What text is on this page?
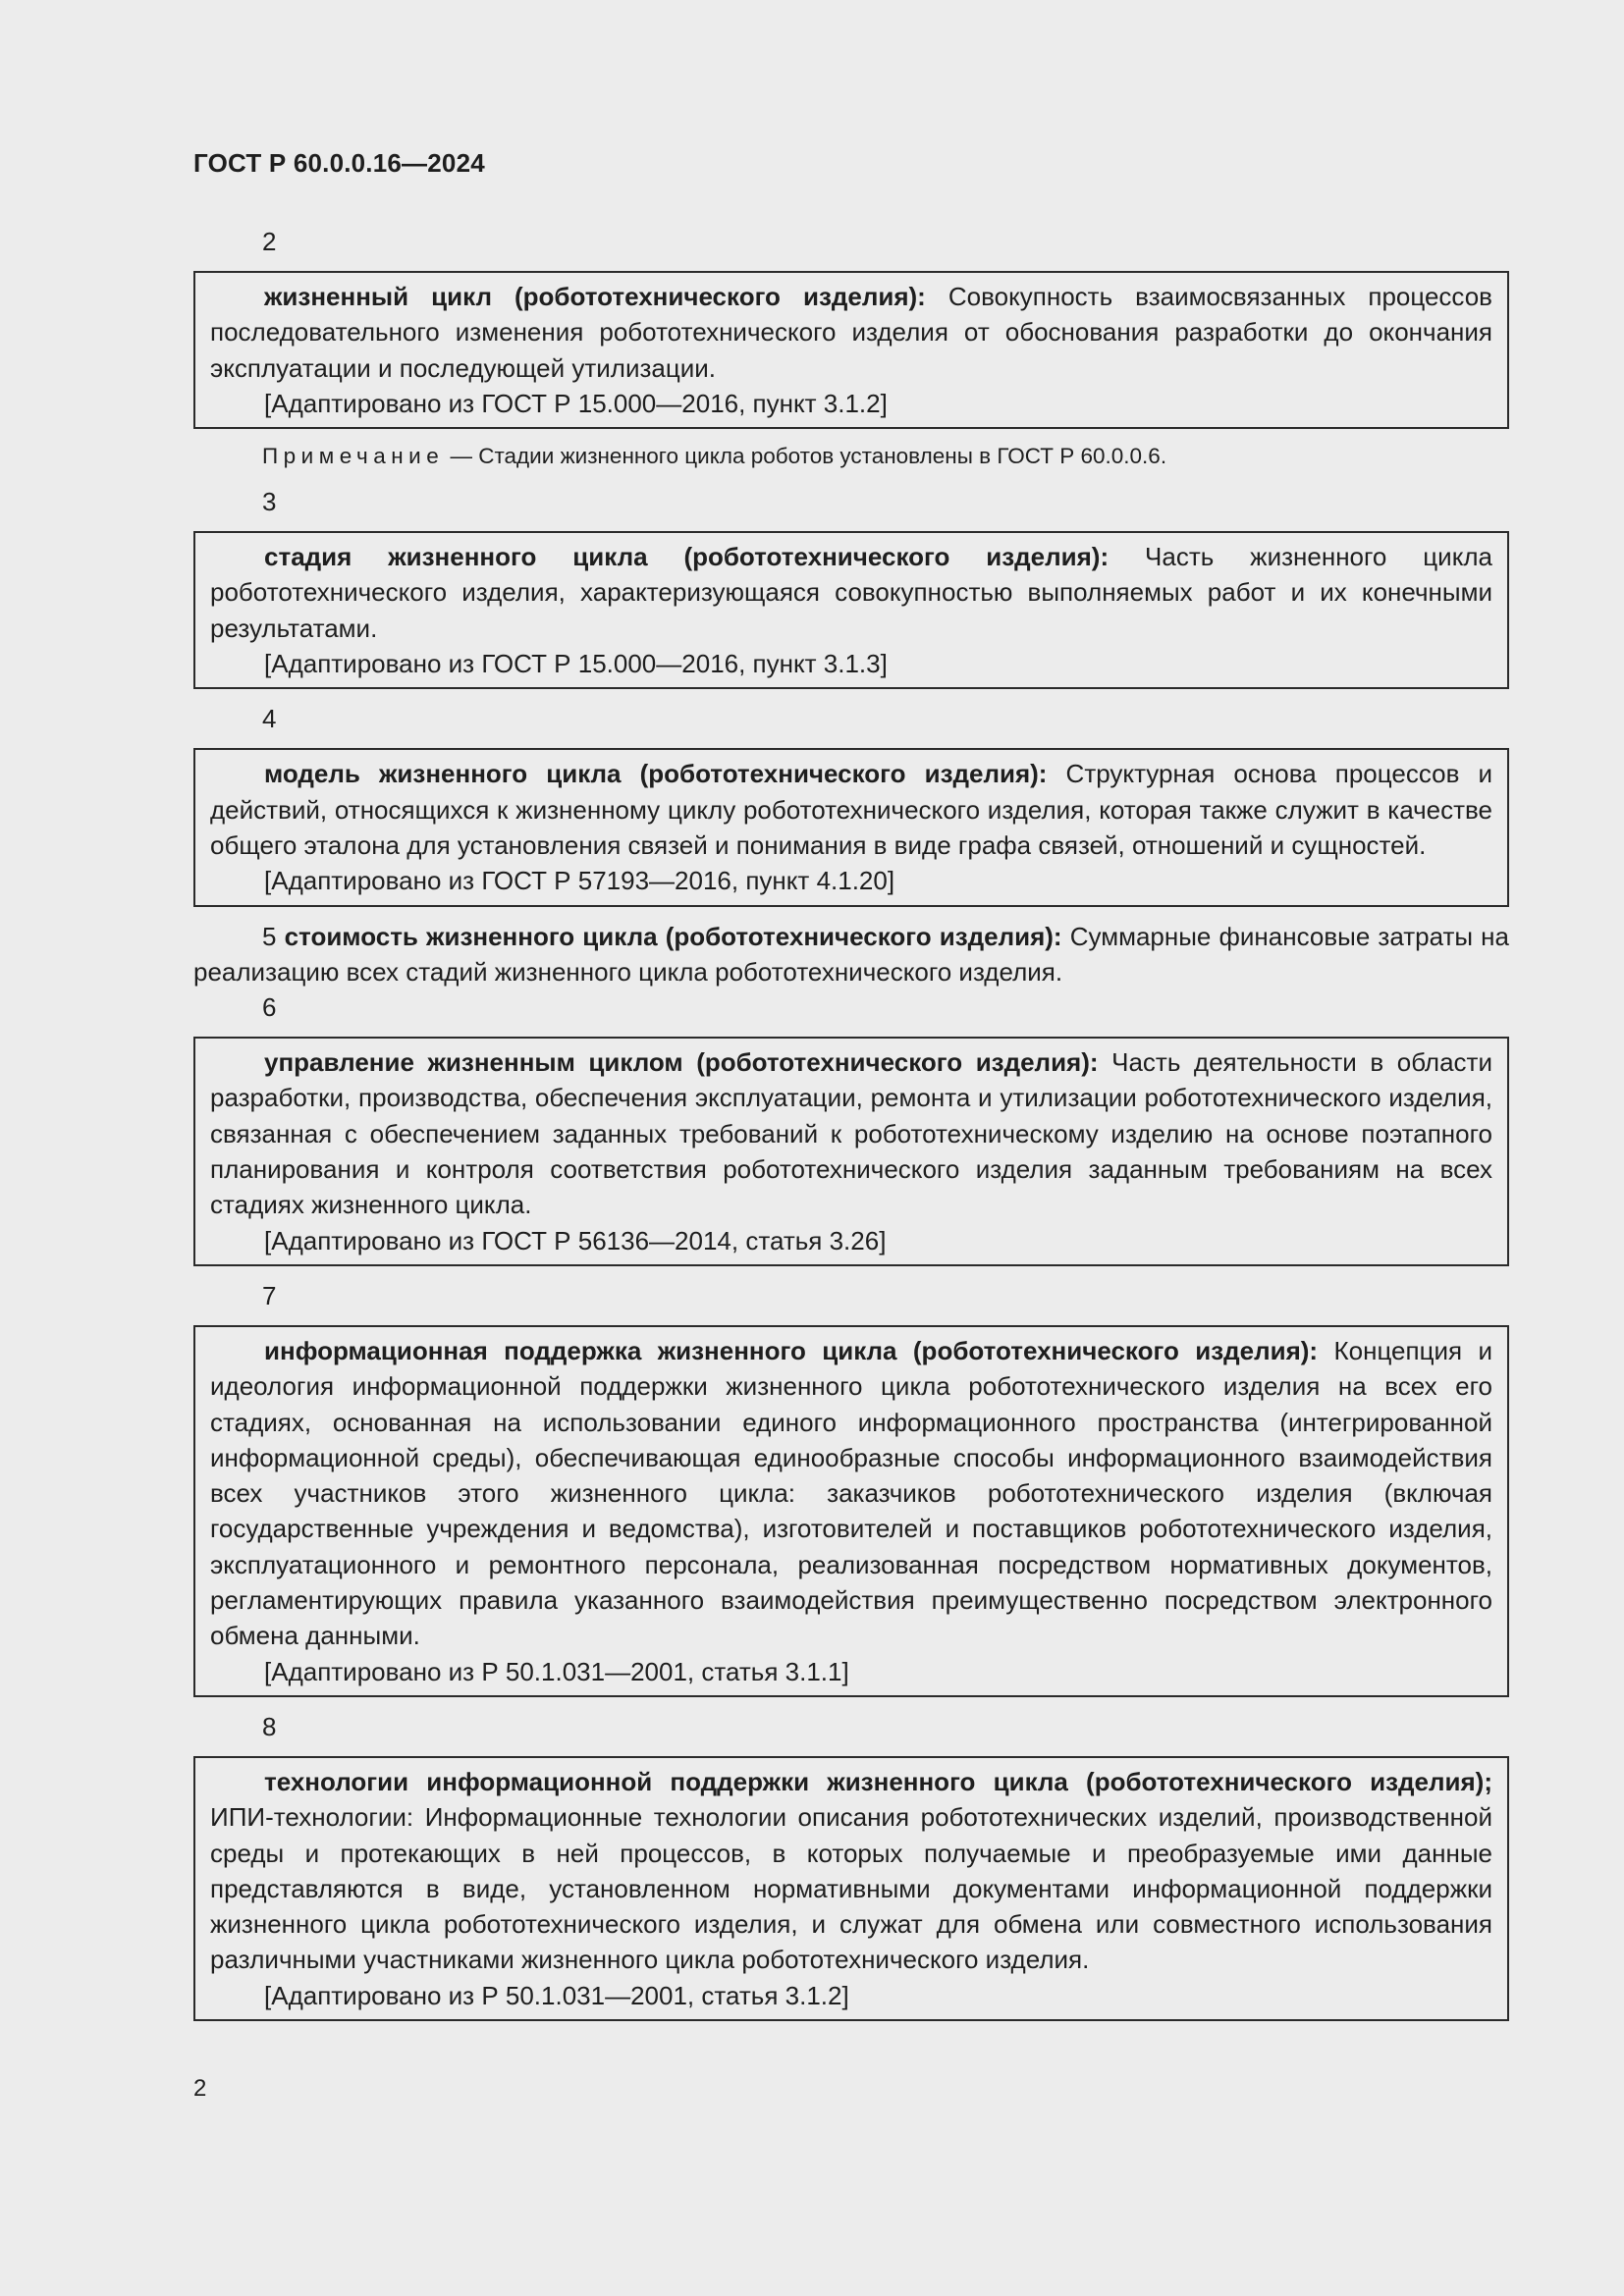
ГОСТ Р 60.0.0.16—2024
2
жизненный цикл (робототехнического изделия): Совокупность взаимосвязанных процессов последовательного изменения робототехнического изделия от обоснования разработки до окончания эксплуатации и последующей утилизации.
[Адаптировано из ГОСТ Р 15.000—2016, пункт 3.1.2]
Примечание — Стадии жизненного цикла роботов установлены в ГОСТ Р 60.0.0.6.
3
стадия жизненного цикла (робототехнического изделия): Часть жизненного цикла робототехнического изделия, характеризующаяся совокупностью выполняемых работ и их конечными результатами.
[Адаптировано из ГОСТ Р 15.000—2016, пункт 3.1.3]
4
модель жизненного цикла (робототехнического изделия): Структурная основа процессов и действий, относящихся к жизненному циклу робототехнического изделия, которая также служит в качестве общего эталона для установления связей и понимания в виде графа связей, отношений и сущностей.
[Адаптировано из ГОСТ Р 57193—2016, пункт 4.1.20]
5 стоимость жизненного цикла (робототехнического изделия): Суммарные финансовые затраты на реализацию всех стадий жизненного цикла робототехнического изделия.
6
управление жизненным циклом (робототехнического изделия): Часть деятельности в области разработки, производства, обеспечения эксплуатации, ремонта и утилизации робототехнического изделия, связанная с обеспечением заданных требований к робототехническому изделию на основе поэтапного планирования и контроля соответствия робототехнического изделия заданным требованиям на всех стадиях жизненного цикла.
[Адаптировано из ГОСТ Р 56136—2014, статья 3.26]
7
информационная поддержка жизненного цикла (робототехнического изделия): Концепция и идеология информационной поддержки жизненного цикла робототехнического изделия на всех его стадиях, основанная на использовании единого информационного пространства (интегрированной информационной среды), обеспечивающая единообразные способы информационного взаимодействия всех участников этого жизненного цикла: заказчиков робототехнического изделия (включая государственные учреждения и ведомства), изготовителей и поставщиков робототехнического изделия, эксплуатационного и ремонтного персонала, реализованная посредством нормативных документов, регламентирующих правила указанного взаимодействия преимущественно посредством электронного обмена данными.
[Адаптировано из Р 50.1.031—2001, статья 3.1.1]
8
технологии информационной поддержки жизненного цикла (робототехнического изделия); ИПИ-технологии: Информационные технологии описания робототехнических изделий, производственной среды и протекающих в ней процессов, в которых получаемые и преобразуемые ими данные представляются в виде, установленном нормативными документами информационной поддержки жизненного цикла робототехнического изделия, и служат для обмена или совместного использования различными участниками жизненного цикла робототехнического изделия.
[Адаптировано из Р 50.1.031—2001, статья 3.1.2]
2
